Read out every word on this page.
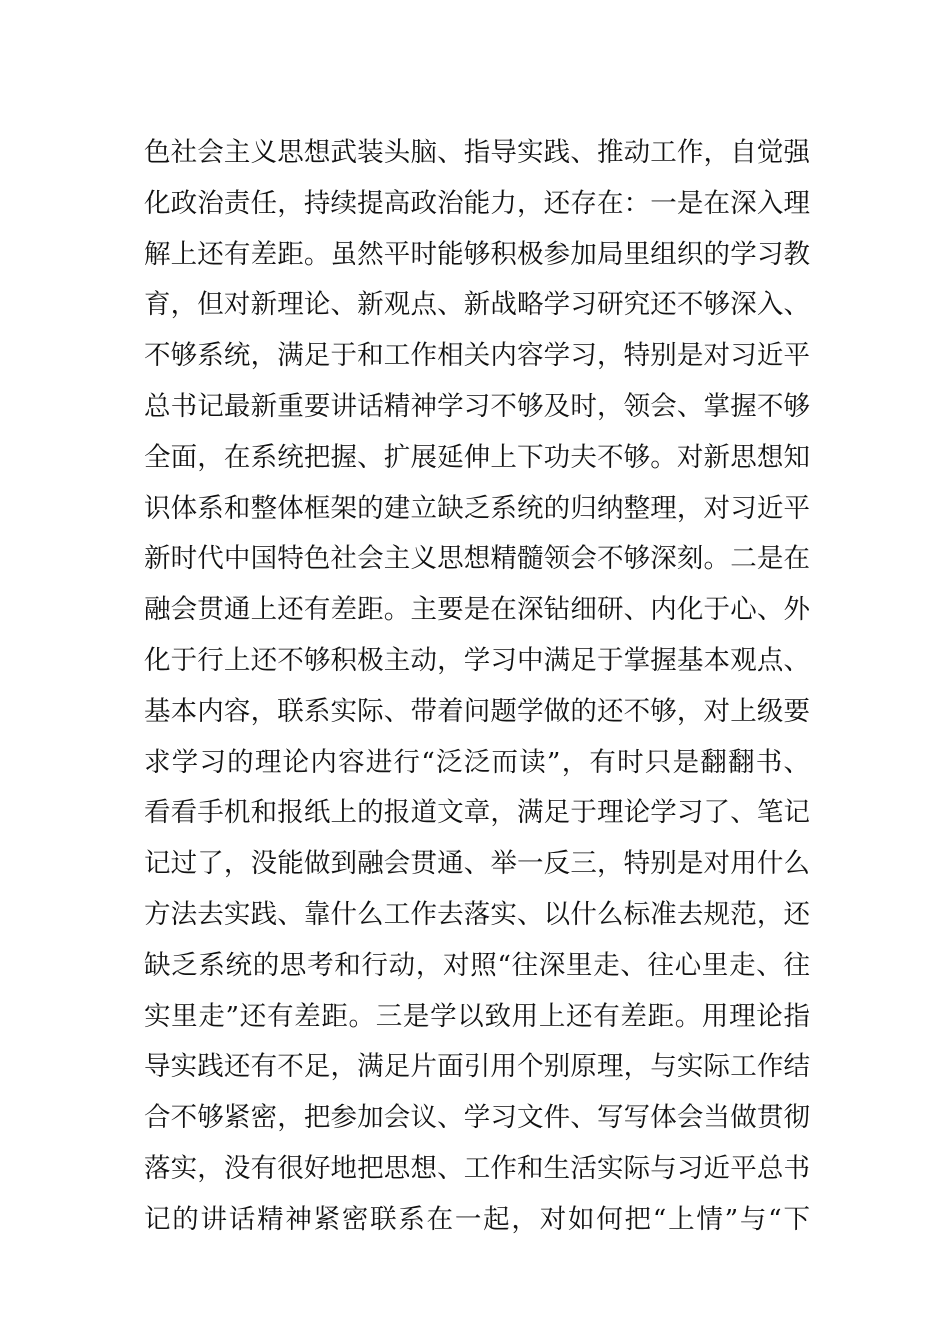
色社会主义思想武装头脑、指导实践、推动工作，自觉强
化政治责任，持续提高政治能力，还存在：一是在深入理
解上还有差距。虽然平时能够积极参加局里组织的学习教
育，但对新理论、新观点、新战略学习研究还不够深入、
不够系统，满足于和工作相关内容学习，特别是对习近平
总书记最新重要讲话精神学习不够及时，领会、掌握不够
全面，在系统把握、扩展延伸上下功夫不够。对新思想知
识体系和整体框架的建立缺乏系统的归纳整理，对习近平
新时代中国特色社会主义思想精髓领会不够深刻。二是在
融会贯通上还有差距。主要是在深钻细研、内化于心、外
化于行上还不够积极主动，学习中满足于掌握基本观点、
基本内容，联系实际、带着问题学做的还不够，对上级要
求学习的理论内容进行“泛泛而读”，有时只是翻翻书、
看看手机和报纸上的报道文章，满足于理论学习了、笔记
记过了，没能做到融会贯通、举一反三，特别是对用什么
方法去实践、靠什么工作去落实、以什么标准去规范，还
缺乏系统的思考和行动，对照“往深里走、往心里走、往
实里走”还有差距。三是学以致用上还有差距。用理论指
导实践还有不足，满足片面引用个别原理，与实际工作结
合不够紧密，把参加会议、学习文件、写写体会当做贯彻
落实，没有很好地把思想、工作和生活实际与习近平总书
记的讲话精神紧密联系在一起，对如何把“上情”与“下
